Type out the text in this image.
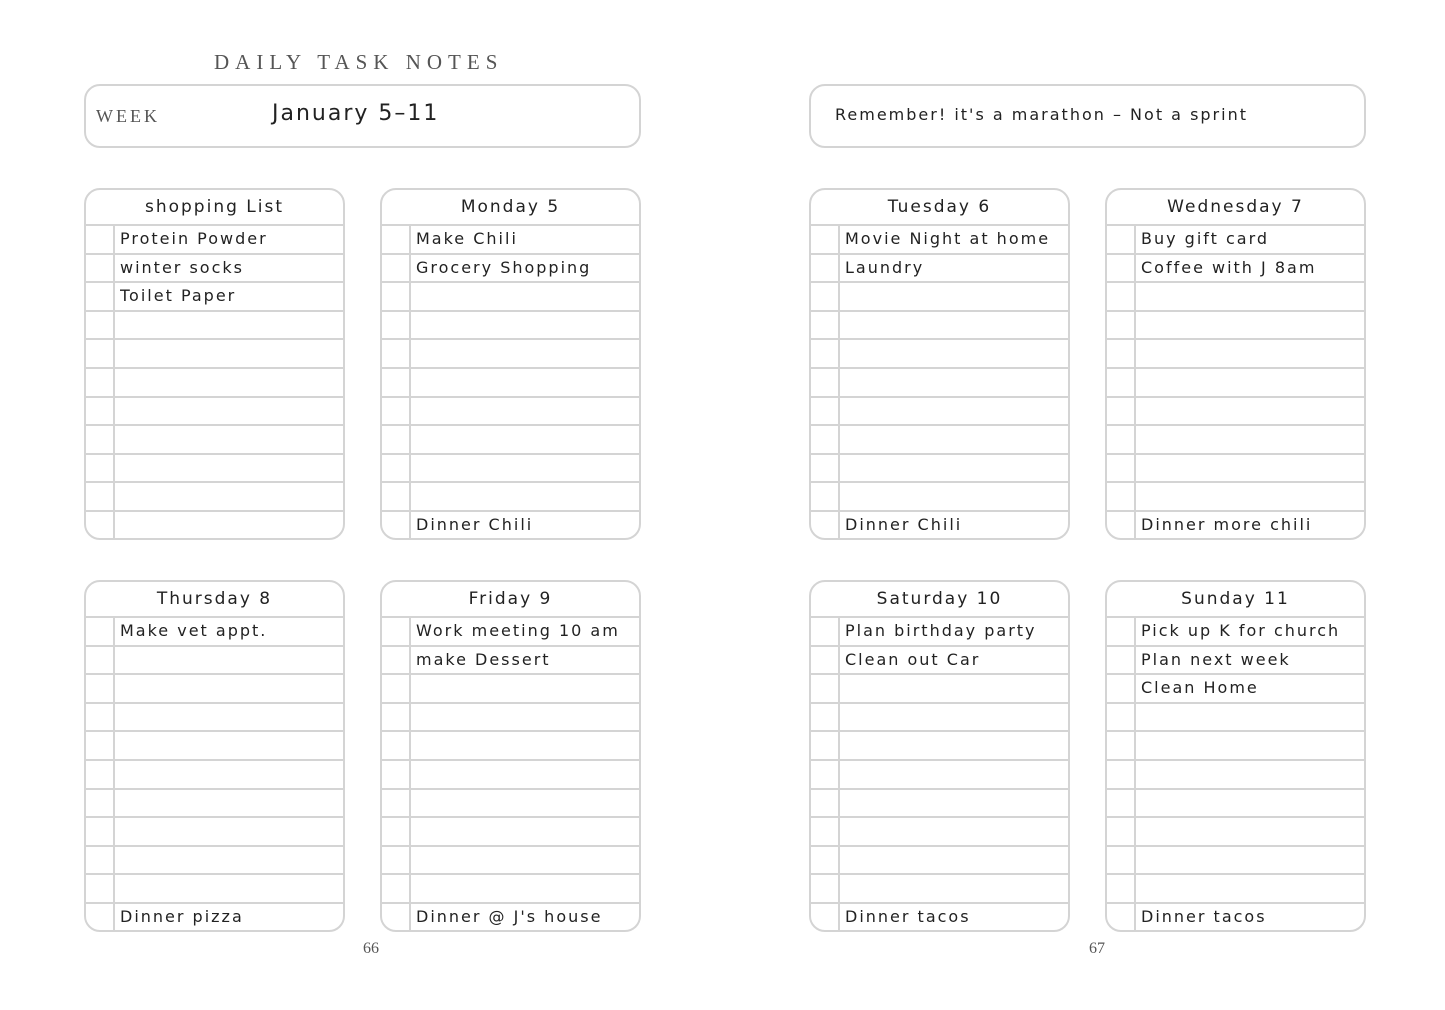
DAILY TASK NOTES
WEEK	January 5–11	Remember! it's a marathon – Not a sprint
shopping List
Protein Powder
winter socks
Toilet Paper
Monday 5
Make Chili
Grocery Shopping
Dinner Chili
Tuesday 6
Movie Night at home
Laundry
Dinner Chili
Wednesday 7
Buy gift card
Coffee with J 8am
Dinner more chili
Thursday 8
Make vet appt.
Dinner pizza
Friday 9
Work meeting 10 am
make Dessert
Dinner @ J's house
Saturday 10
Plan birthday party
Clean out Car
Dinner tacos
Sunday 11
Pick up K for church
Plan next week
Clean Home
Dinner tacos
66	67
